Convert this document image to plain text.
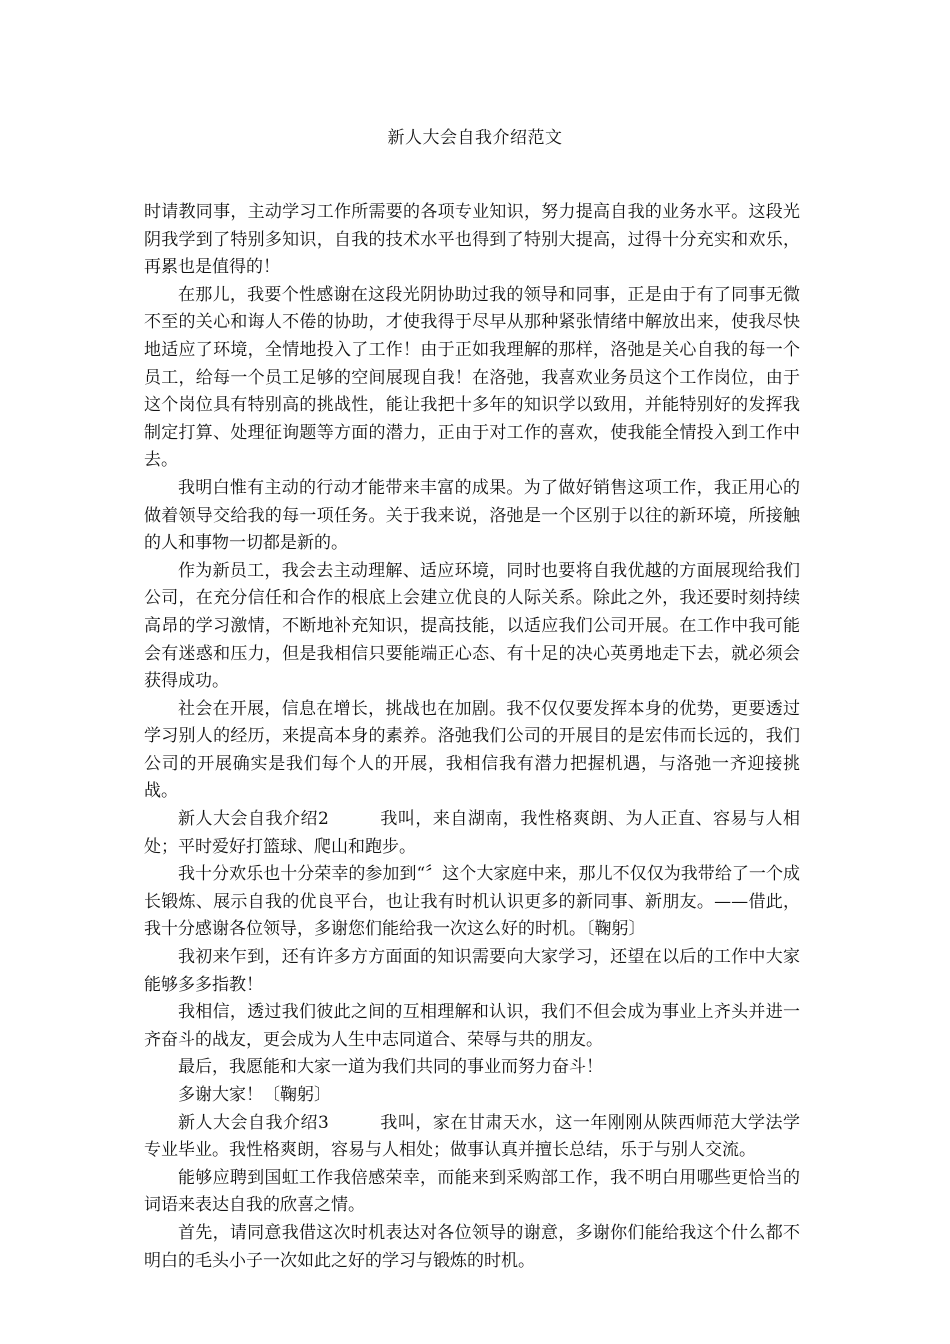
新人大会自我介绍范文

时请教同事，主动学习工作所需要的各项专业知识，努力提高自我的业务水平。这段光阴我学到了特别多知识，自我的技术水平也得到了特别大提高，过得十分充实和欢乐，再累也是值得的！

在那儿，我要个性感谢在这段光阴协助过我的领导和同事，正是由于有了同事无微不至的关心和诲人不倦的协助，才使我得于尽早从那种紧张情绪中解放出来，使我尽快地适应了环境，全情地投入了工作！由于正如我理解的那样，洛弛是关心自我的每一个员工，给每一个员工足够的空间展现自我！在洛弛，我喜欢业务员这个工作岗位，由于这个岗位具有特别高的挑战性，能让我把十多年的知识学以致用，并能特别好的发挥我制定打算、处理征询题等方面的潜力，正由于对工作的喜欢，使我能全情投入到工作中去。

我明白惟有主动的行动才能带来丰富的成果。为了做好销售这项工作，我正用心的做着领导交给我的每一项任务。关于我来说，洛弛是一个区别于以往的新环境，所接触的人和事物一切都是新的。

作为新员工，我会去主动理解、适应环境，同时也要将自我优越的方面展现给我们公司，在充分信任和合作的根底上会建立优良的人际关系。除此之外，我还要时刻持续高昂的学习激情，不断地补充知识，提高技能，以适应我们公司开展。在工作中我可能会有迷惑和压力，但是我相信只要能端正心态、有十足的决心英勇地走下去，就必须会获得成功。

社会在开展，信息在增长，挑战也在加剧。我不仅仅要发挥本身的优势，更要透过学习别人的经历，来提高本身的素养。洛弛我们公司的开展目的是宏伟而长远的，我们公司的开展确实是我们每个人的开展，我相信我有潜力把握机遇，与洛弛一齐迎接挑战。

新人大会自我介绍2	我叫，来自湖南，我性格爽朗、为人正直、容易与人相处；平时爱好打篮球、爬山和跑步。

我十分欢乐也十分荣幸的参加到“〞这个大家庭中来，那儿不仅仅为我带给了一个成长锻炼、展示自我的优良平台，也让我有时机认识更多的新同事、新朋友。——借此，我十分感谢各位领导，多谢您们能给我一次这么好的时机。〔鞠躬〕

我初来乍到，还有许多方方面面的知识需要向大家学习，还望在以后的工作中大家能够多多指教！

我相信，透过我们彼此之间的互相理解和认识，我们不但会成为事业上齐头并进一齐奋斗的战友，更会成为人生中志同道合、荣辱与共的朋友。

最后，我愿能和大家一道为我们共同的事业而努力奋斗！

多谢大家！〔鞠躬〕

新人大会自我介绍3	我叫，家在甘肃天水，这一年刚刚从陕西师范大学法学专业毕业。我性格爽朗，容易与人相处；做事认真并擅长总结，乐于与别人交流。

能够应聘到国虹工作我倍感荣幸，而能来到采购部工作，我不明白用哪些更恰当的词语来表达自我的欣喜之情。

首先，请同意我借这次时机表达对各位领导的谢意，多谢你们能给我这个什么都不明白的毛头小子一次如此之好的学习与锻炼的时机。
